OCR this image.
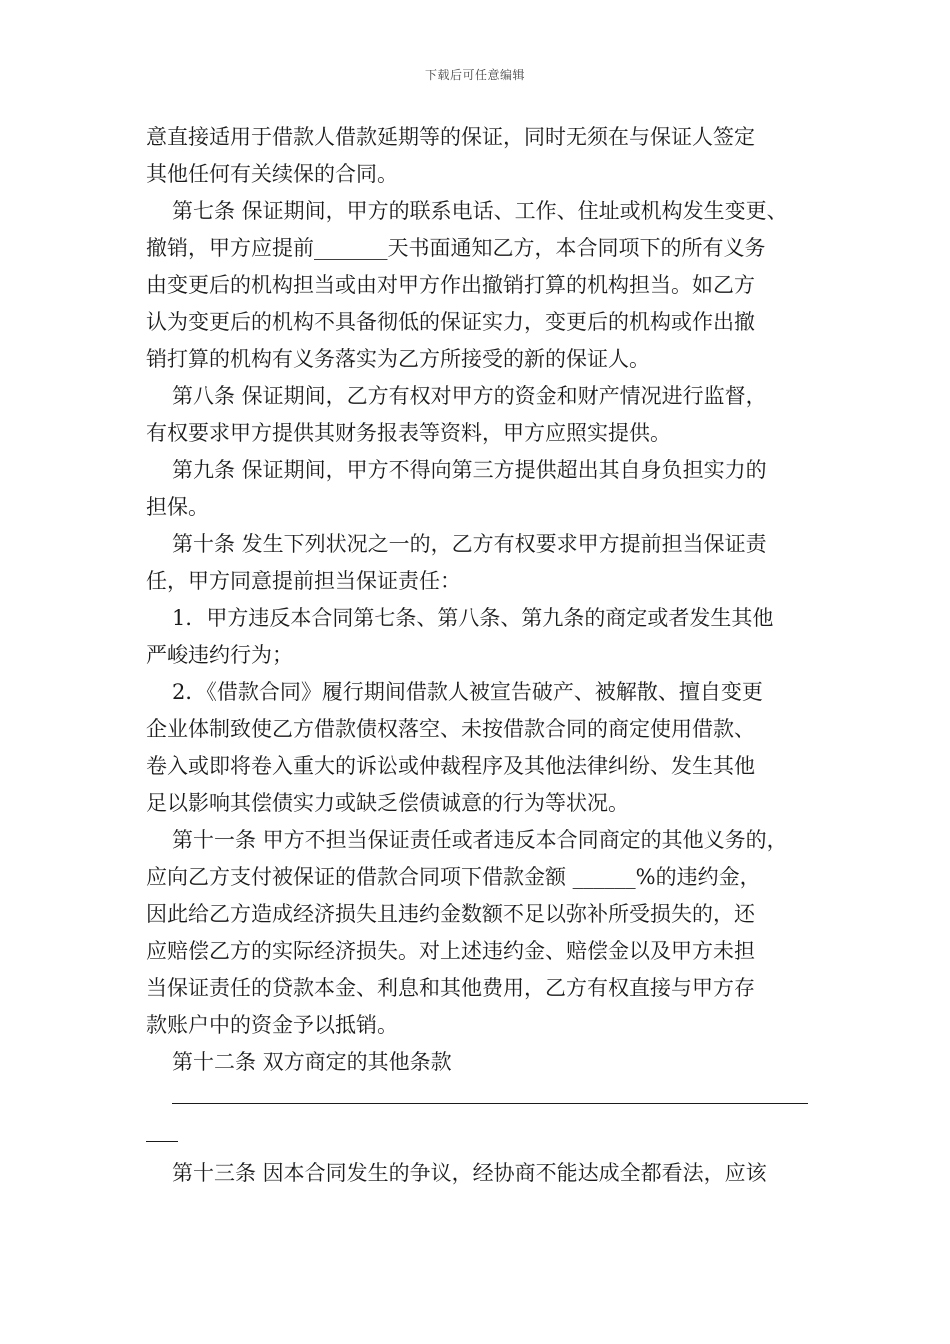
下载后可任意编辑
意直接适用于借款人借款延期等的保证，同时无须在与保证人签定
其他任何有关续保的合同。
第七条 保证期间，甲方的联系电话、工作、住址或机构发生变更、
撤销，甲方应提前_______天书面通知乙方，本合同项下的所有义务
由变更后的机构担当或由对甲方作出撤销打算的机构担当。如乙方
认为变更后的机构不具备彻低的保证实力，变更后的机构或作出撤
销打算的机构有义务落实为乙方所接受的新的保证人。
第八条 保证期间，乙方有权对甲方的资金和财产情况进行监督，
有权要求甲方提供其财务报表等资料，甲方应照实提供。
第九条 保证期间，甲方不得向第三方提供超出其自身负担实力的
担保。
第十条 发生下列状况之一的，乙方有权要求甲方提前担当保证责
任，甲方同意提前担当保证责任：
1．甲方违反本合同第七条、第八条、第九条的商定或者发生其他
严峻违约行为；
2．《借款合同》履行期间借款人被宣告破产、被解散、擅自变更
企业体制致使乙方借款债权落空、未按借款合同的商定使用借款、
卷入或即将卷入重大的诉讼或仲裁程序及其他法律纠纷、发生其他
足以影响其偿债实力或缺乏偿债诚意的行为等状况。
第十一条 甲方不担当保证责任或者违反本合同商定的其他义务的，
应向乙方支付被保证的借款合同项下借款金额 ______%的违约金，
因此给乙方造成经济损失且违约金数额不足以弥补所受损失的，还
应赔偿乙方的实际经济损失。对上述违约金、赔偿金以及甲方未担
当保证责任的贷款本金、利息和其他费用，乙方有权直接与甲方存
款账户中的资金予以抵销。
第十二条 双方商定的其他条款
第十三条 因本合同发生的争议，经协商不能达成全都看法，应该
